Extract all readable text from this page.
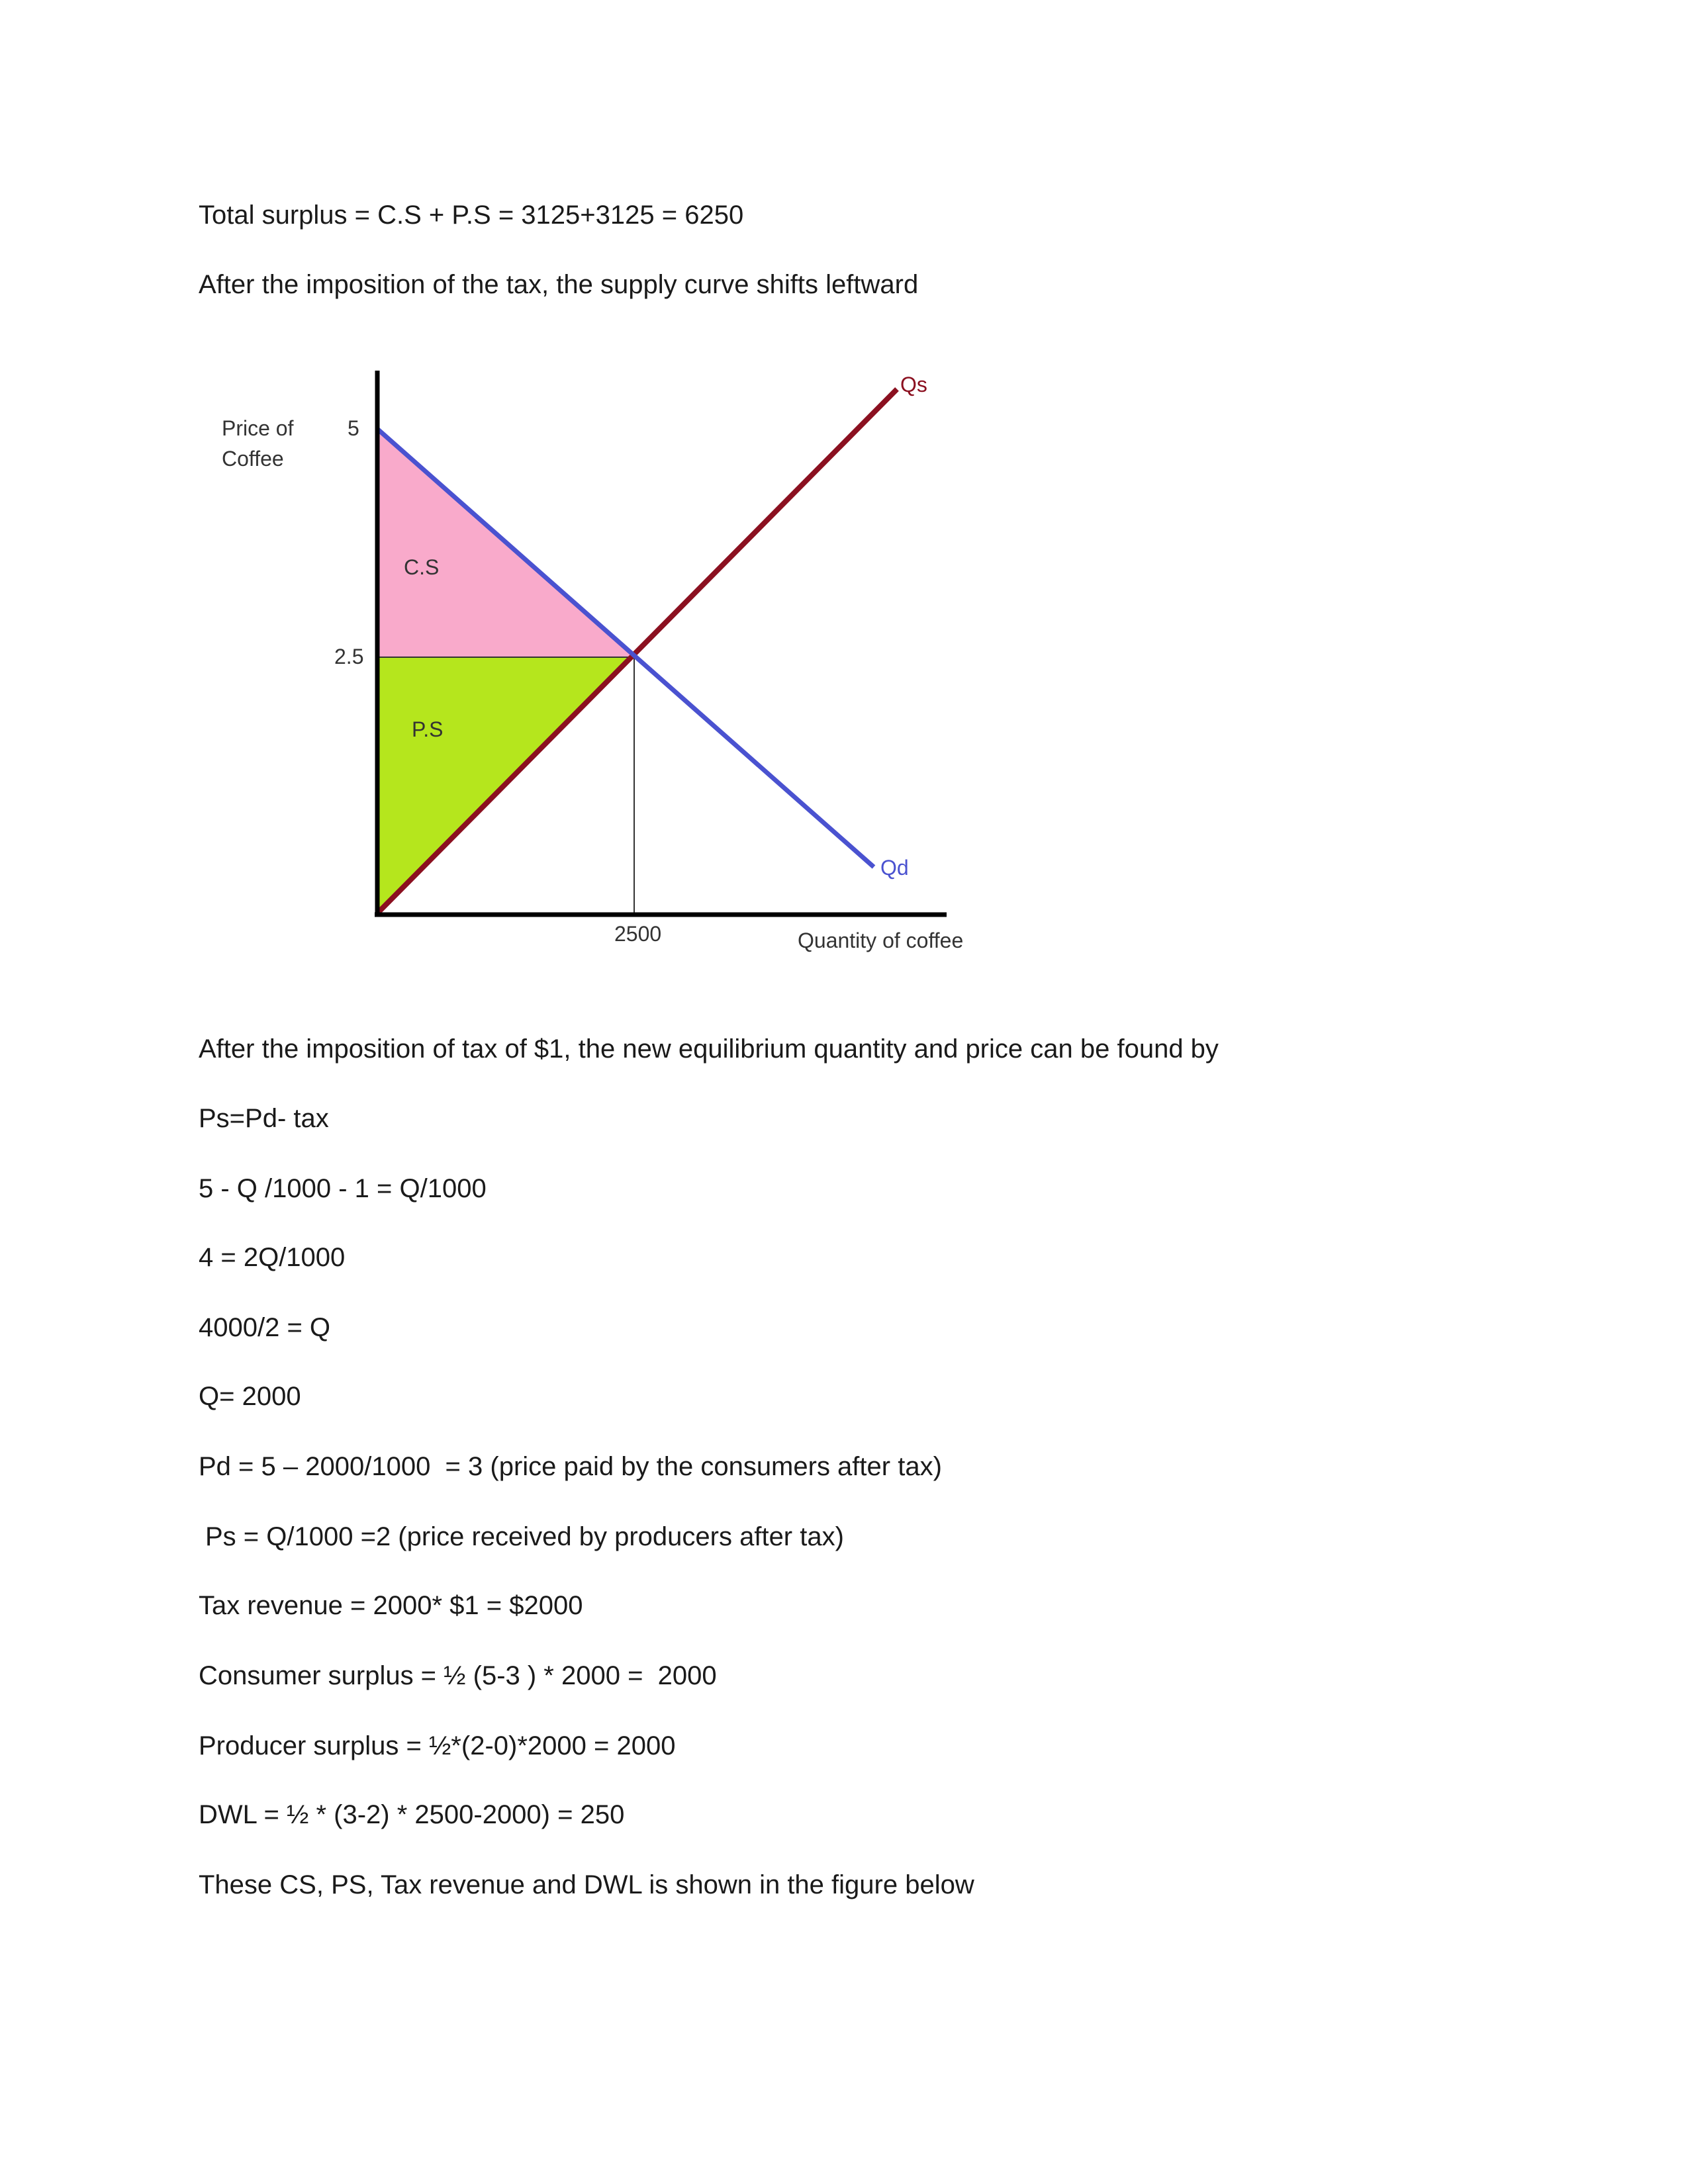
Total surplus = C.S + P.S = 3125+3125 = 6250
After the imposition of the tax, the supply curve shifts leftward
Price of
Coffee
5
2.5
2500	Quantity of coffee
C.S
P.S
Qs
Qd
After the imposition of tax of $1, the new equilibrium quantity and price can be found by
Ps=Pd- tax
5 - Q /1000 - 1 = Q/1000
4 = 2Q/1000
4000/2 = Q
Q= 2000
Pd = 5 – 2000/1000  = 3 (price paid by the consumers after tax)
Ps = Q/1000 =2 (price received by producers after tax)
Tax revenue = 2000* $1 = $2000
Consumer surplus = ½ (5-3 ) * 2000 =  2000
Producer surplus = ½*(2-0)*2000 = 2000
DWL = ½ * (3-2) * 2500-2000) = 250
These CS, PS, Tax revenue and DWL is shown in the figure below
